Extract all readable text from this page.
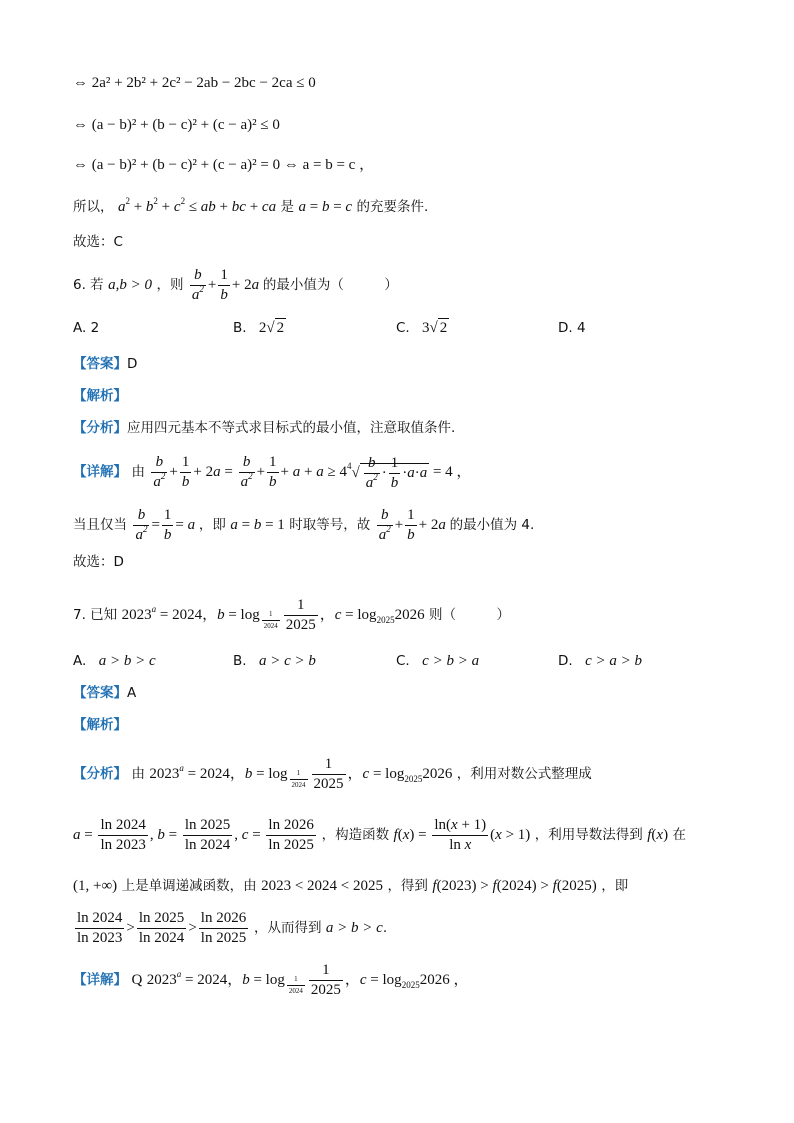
⇔ 2a² + 2b² + 2c² − 2ab − 2bc − 2ca ≤ 0
⇔ (a − b)² + (b − c)² + (c − a)² ≤ 0
⇔ (a − b)² + (b − c)² + (c − a)² = 0 ⇔ a = b = c ，
所以， $a^2 + b^2 + c^2$ ≤ ab + bc + ca 是 a = b = c 的充要条件.
故选：C
6. 若 a,b > 0 ，则 $\frac{b}{a^2} + \frac{1}{b} + 2a$ 的最小值为（　　　）
A. 2	B. 2√ 2	C. 3√ 2	D. 4
【答案】D
【解析】
【分析】应用四元基本不等式求目标式的最小值，注意取值条件.
【详解】 由 $\frac{b}{a^2} + \frac{1}{b} + 2a = \frac{b}{a^2} + \frac{1}{b} + a + a \ge 4^4√ \frac{b}{a^2} \cdot \frac{1}{b} \cdot a\cdot a = 4$ ，
当且仅当 $\frac{b}{a^2} = \frac{1}{b} = a$ ，即 a = b = 1 时取等号，故 $\frac{b}{a^2} + \frac{1}{b} + 2a$ 的最小值为 4.
故选：D
7. 已知 $2023^a = 2024$，$b = \log _{\frac{1}{2024}} \frac{1}{2025}$ ，$c = \log_{2025}2026$ 则（　　　）
A. a > b > c	B. a > c > b	C. c > b > a	D. c > a > b
【答案】A
【解析】
【分析】 由 $2023^a = 2024$，$b = \log _{\frac{1}{2024}} \frac{1}{2025}$ ，$c = \log_{2025}2026$ ，利用对数公式整理成
$a = \frac{\ln 2024}{\ln 2023}$ , $b = \frac{\ln 2025}{\ln 2024}$ , $c = \frac{\ln 2026}{\ln 2025}$ ，构造函数 $f(x) = \frac{\ln(x + 1)}{\text{ln x}} (x > 1)$ ，利用导数法得到 f(x) 在
(1, +∞) 上是单调递减函数，由 2023 < 2024 < 2025 ，得到 f(2023) > f(2024) > f(2025) ，即
$\frac{\ln 2024}{\ln 2023} > \frac{\ln 2025}{\ln 2024} > \frac{\ln 2026}{\ln 2025}$ ，从而得到 a > b > c.
【详解】 Q $2023^a = 2024$，$b = \log _{\frac{1}{2024}} \frac{1}{2025}$ ，$c = \log_{2025}2026$ ，
